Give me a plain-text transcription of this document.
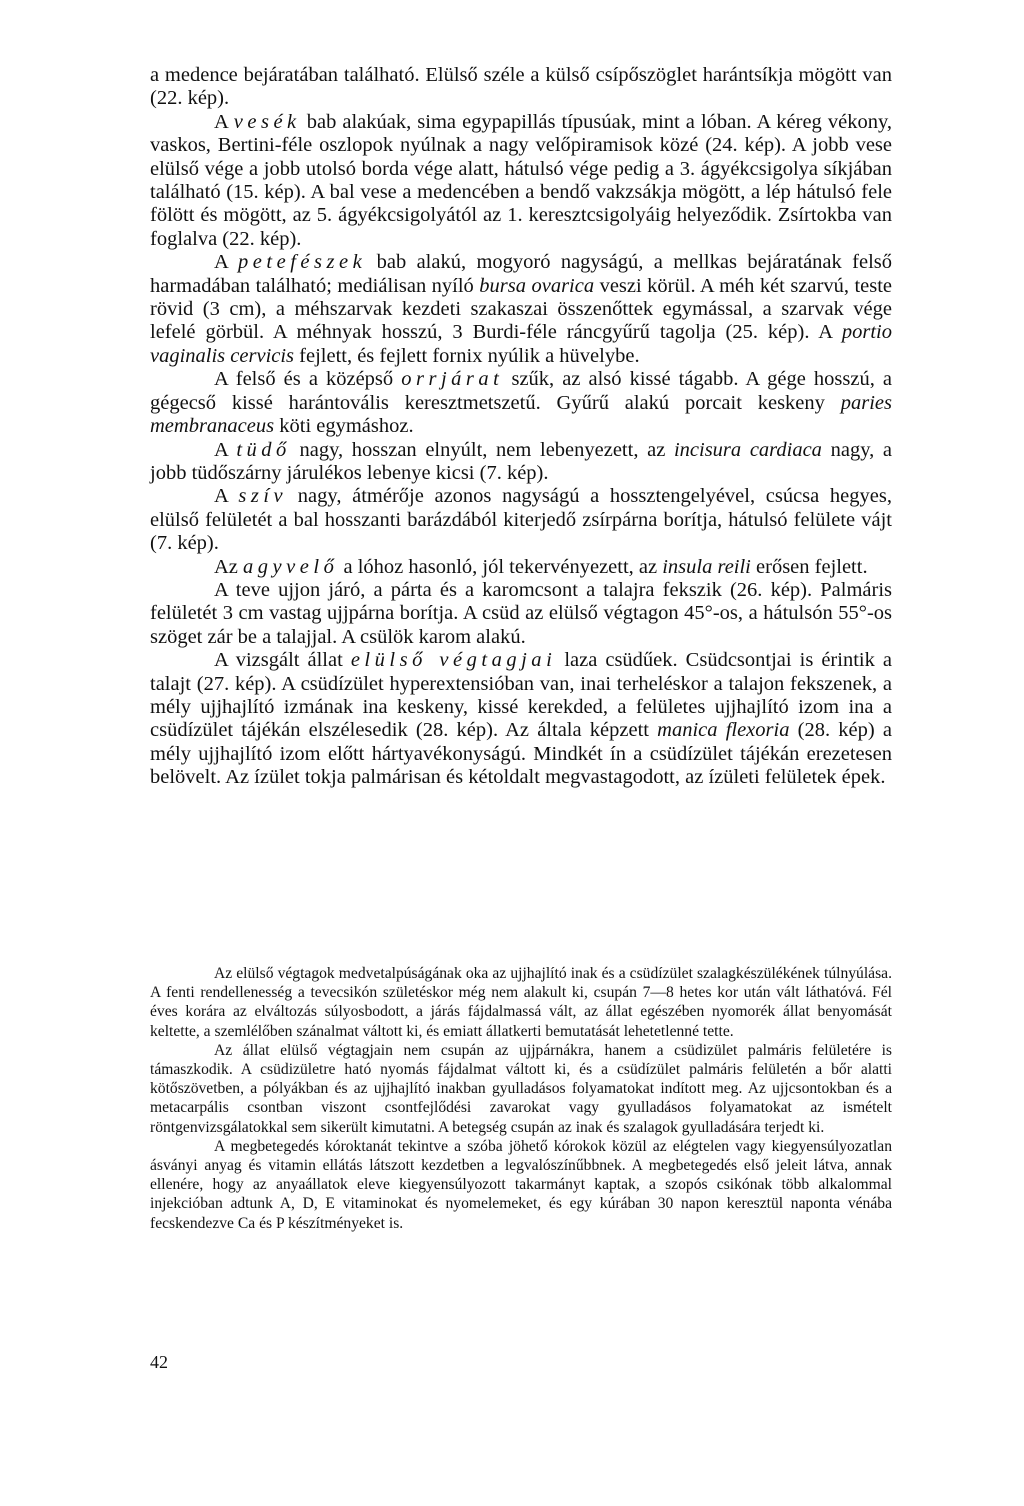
a medence bejáratában található. Elülső széle a külső csípőszöglet harántsíkja mögött van (22. kép).

A vesék bab alakúak, sima egypapillás típusúak, mint a lóban. A kéreg vékony, vaskos, Bertini-féle oszlopok nyúlnak a nagy velőpiramisok közé (24. kép). A jobb vese elülső vége a jobb utolsó borda vége alatt, hátulsó vége pedig a 3. ágyékcsigolya síkjában található (15. kép). A bal vese a medencében a bendő vakzsákja mögött, a lép hátulsó fele fölött és mögött, az 5. ágyékcsigolyától az 1. keresztcsigolyáig helyeződik. Zsírtokba van foglalva (22. kép).

A petefészek bab alakú, mogyoró nagyságú, a mellkas bejáratának felső harmadában található; mediálisan nyíló bursa ovarica veszi körül. A méh két szarvú, teste rövid (3 cm), a méhszarvak kezdeti szakaszai összenőttek egymással, a szarvak vége lefelé görbül. A méhnyak hosszú, 3 Burdi-féle ráncgyűrű tagolja (25. kép). A portio vaginalis cervicis fejlett, és fejlett fornix nyúlik a hüvelybe.

A felső és a középső orrjárat szűk, az alsó kissé tágabb. A gége hosszú, a gégecső kissé harántovális keresztmetszetű. Gyűrű alakú porcait keskeny paries membranaceus köti egymáshoz.

A tüdő nagy, hosszan elnyúlt, nem lebenyezett, az incisura cardiaca nagy, a jobb tüdőszárny járulékos lebenye kicsi (7. kép).

A szív nagy, átmérője azonos nagyságú a hossztengelyével, csúcsa hegyes, elülső felületét a bal hosszanti barázdából kiterjedő zsírpárna borítja, hátulsó felülete vájt (7. kép).

Az agyvelő a lóhoz hasonló, jól tekervényezett, az insula reili erősen fejlett.

A teve ujjon járó, a párta és a karomcsont a talajra fekszik (26. kép). Palmáris felületét 3 cm vastag ujjpárna borítja. A csüd az elülső végtagon 45°-os, a hátulsón 55°-os szöget zár be a talajjal. A csülök karom alakú.

A vizsgált állat elülső végtagjai laza csüdűek. Csüdcsontjai is érintik a talajt (27. kép). A csüdízület hyperextensióban van, inai terheléskor a talajon fekszenek, a mély ujjhajlító izmának ina keskeny, kissé kerekded, a felületes ujjhajlító izom ina a csüdízület tájékán elszélesedik (28. kép). Az általa képzett manica flexoria (28. kép) a mély ujjhajlító izom előtt hártyavékonyságú. Mindkét ín a csüdízület tájékán erezetesen belövelt. Az ízület tokja palmárisan és kétoldalt megvastagodott, az ízületi felületek épek.

Az elülső végtagok medvetalpúságának oka az ujjhajlító inak és a csüdízület szalagkészülékének túlnyúlása. A fenti rendellenesség a tevecsikón születéskor még nem alakult ki, csupán 7—8 hetes kor után vált láthatóvá. Fél éves korára az elváltozás súlyosbodott, a járás fájdalmassá vált, az állat egészében nyomorék állat benyomását keltette, a szemlélőben szánalmat váltott ki, és emiatt állatkerti bemutatását lehetetlenné tette.

Az állat elülső végtagjain nem csupán az ujjpárnákra, hanem a csüdizület palmáris felületére is támaszkodik. A csüdizületre ható nyomás fájdalmat váltott ki, és a csüdízület palmáris felületén a bőr alatti kötőszövetben, a pólyákban és az ujjhajlító inakban gyulladásos folyamatokat indított meg. Az ujjcsontokban és a metacarpális csontban viszont csontfejlődési zavarokat vagy gyulladásos folyamatokat az ismételt röntgenvizsgálatokkal sem sikerült kimutatni. A betegség csupán az inak és szalagok gyulladására terjedt ki.

A megbetegedés kóroktanát tekintve a szóba jöhető kórokok közül az elégtelen vagy kiegyensúlyozatlan ásványi anyag és vitamin ellátás látszott kezdetben a legvalószínűbbnek. A megbetegedés első jeleit látva, annak ellenére, hogy az anyaállatok eleve kiegyensúlyozott takarmányt kaptak, a szopós csikónak több alkalommal injekcióban adtunk A, D, E vitaminokat és nyomelemeket, és egy kúrában 30 napon keresztül naponta vénába fecskendezve Ca és P készítményeket is.

42
